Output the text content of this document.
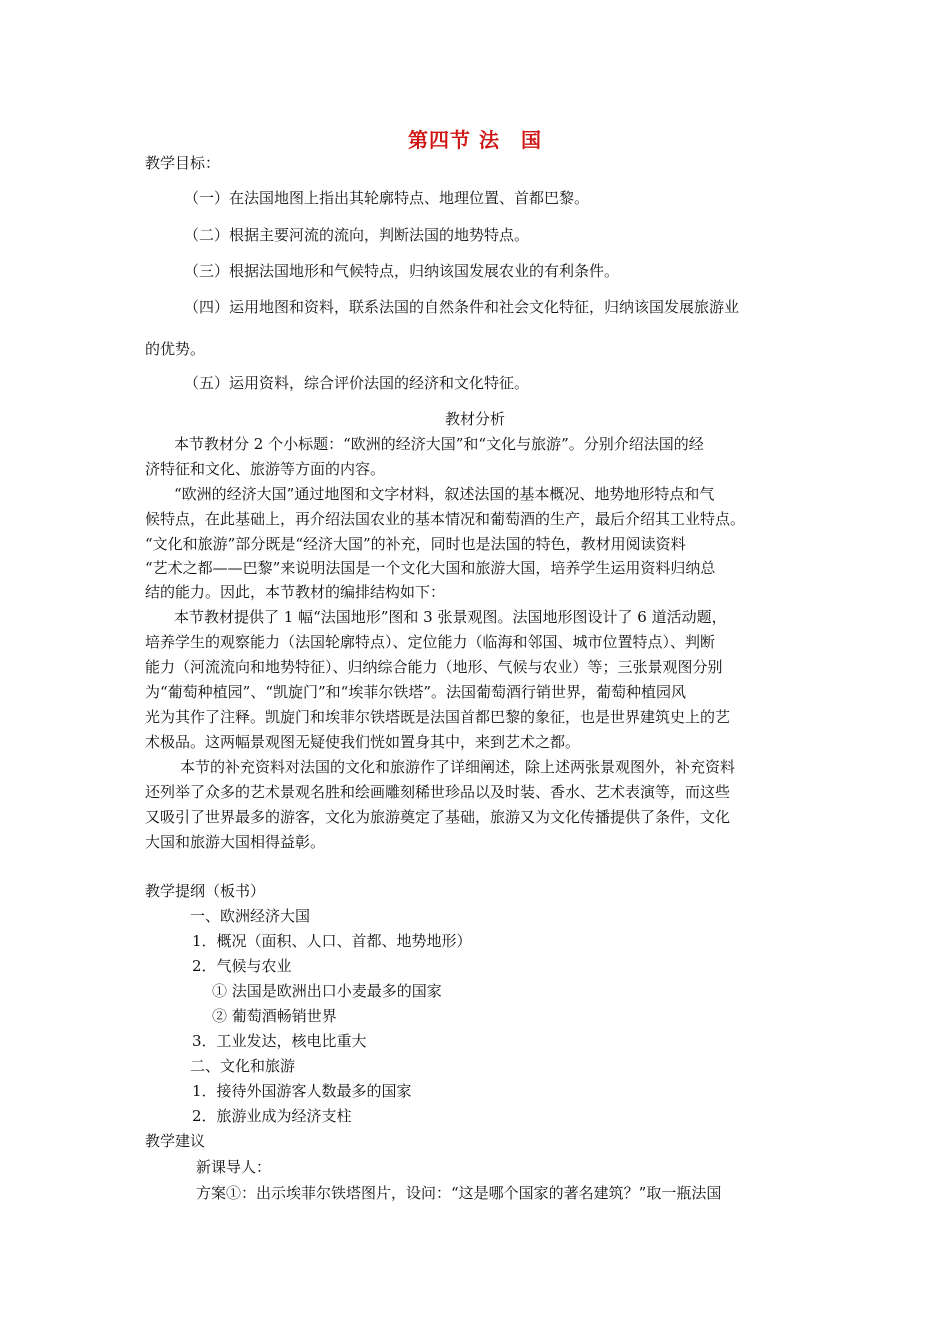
第四节 法　国
教学目标：
（一）在法国地图上指出其轮廓特点、地理位置、首都巴黎。
（二）根据主要河流的流向，判断法国的地势特点。
（三）根据法国地形和气候特点，归纳该国发展农业的有利条件。
（四）运用地图和资料，联系法国的自然条件和社会文化特征，归纳该国发展旅游业
的优势。
（五）运用资料，综合评价法国的经济和文化特征。
教材分析
本节教材分 2 个小标题：“欧洲的经济大国”和“文化与旅游”。分别介绍法国的经
济特征和文化、旅游等方面的内容。
“欧洲的经济大国”通过地图和文字材料，叙述法国的基本概况、地势地形特点和气
候特点，在此基础上，再介绍法国农业的基本情况和葡萄酒的生产，最后介绍其工业特点。
“文化和旅游”部分既是“经济大国”的补充，同时也是法国的特色，教材用阅读资料
“艺术之都——巴黎”来说明法国是一个文化大国和旅游大国，培养学生运用资料归纳总
结的能力。因此，本节教材的编排结构如下：
本节教材提供了 1 幅“法国地形”图和 3 张景观图。法国地形图设计了 6 道活动题，
培养学生的观察能力（法国轮廓特点）、定位能力（临海和邻国、城市位置特点）、判断
能力（河流流向和地势特征）、归纳综合能力（地形、气候与农业）等；三张景观图分别
为“葡萄种植园”、“凯旋门”和“埃菲尔铁塔”。法国葡萄酒行销世界，葡萄种植园风
光为其作了注释。凯旋门和埃菲尔铁塔既是法国首都巴黎的象征，也是世界建筑史上的艺
术极品。这两幅景观图无疑使我们恍如置身其中，来到艺术之都。
本节的补充资料对法国的文化和旅游作了详细阐述，除上述两张景观图外，补充资料
还列举了众多的艺术景观名胜和绘画雕刻稀世珍品以及时装、香水、艺术表演等，而这些
又吸引了世界最多的游客，文化为旅游奠定了基础，旅游又为文化传播提供了条件，文化
大国和旅游大国相得益彰。
教学提纲（板书）
一、欧洲经济大国
1．概况（面积、人口、首都、地势地形）
2．气候与农业
① 法国是欧洲出口小麦最多的国家
② 葡萄酒畅销世界
3．工业发达，核电比重大
二、文化和旅游
1．接待外国游客人数最多的国家
2．旅游业成为经济支柱
教学建议
新课导人：
方案①：出示埃菲尔铁塔图片，设问：“这是哪个国家的著名建筑？”取一瓶法国
